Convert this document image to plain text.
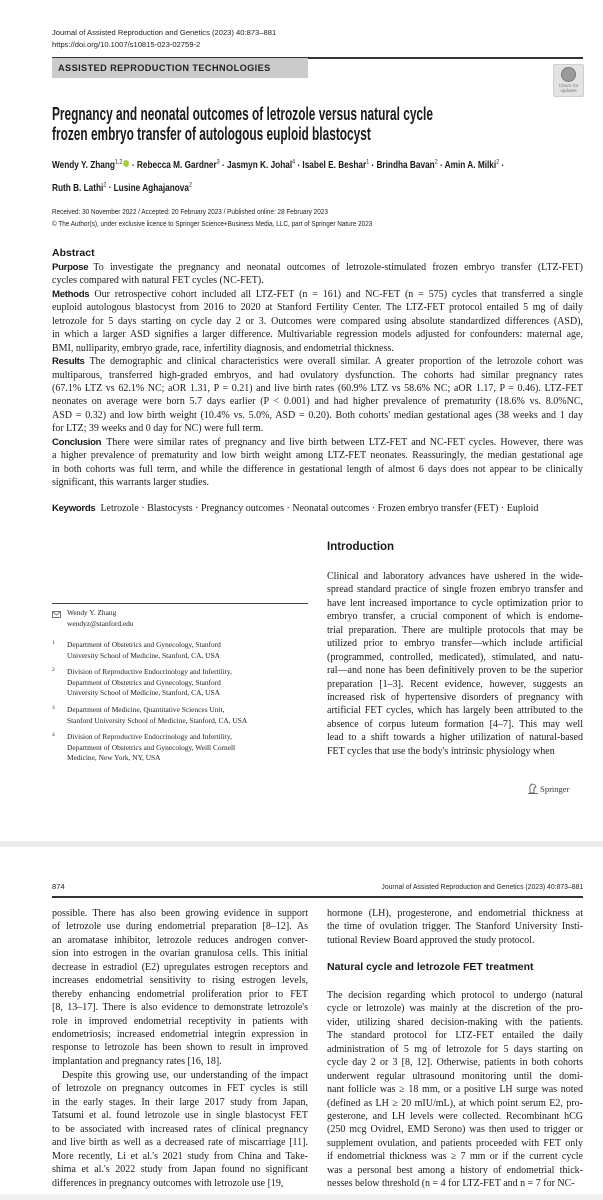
Journal of Assisted Reproduction and Genetics (2023) 40:873–881
https://doi.org/10.1007/s10815-023-02759-2
ASSISTED REPRODUCTION TECHNOLOGIES
Check for
updates
Pregnancy and neonatal outcomes of letrozole versus natural cycle
frozen embryo transfer of autologous euploid blastocyst
Wendy Y. Zhang$^{1,2}$ · Rebecca M. Gardner$^3$ · Jasmyn K. Johal$^4$ · Isabel E. Beshar$^1$ · Brindha Bavan$^2$ · Amin A. Milki$^2$ ·
Ruth B. Lathi$^2$ · Lusine Aghajanova$^2$
Received: 30 November 2022 / Accepted: 20 February 2023 / Published online: 28 February 2023
© The Author(s), under exclusive licence to Springer Science+Business Media, LLC, part of Springer Nature 2023
Abstract
Purpose To investigate the pregnancy and neonatal outcomes of letrozole-stimulated frozen embryo transfer (LTZ-FET)
cycles compared with natural FET cycles (NC-FET).
Methods Our retrospective cohort included all LTZ-FET (n = 161) and NC-FET (n = 575) cycles that transferred a single
euploid autologous blastocyst from 2016 to 2020 at Stanford Fertility Center. The LTZ-FET protocol entailed 5 mg of daily
letrozole for 5 days starting on cycle day 2 or 3. Outcomes were compared using absolute standardized differences (ASD),
in which a larger ASD signifies a larger difference. Multivariable regression models adjusted for confounders: maternal age,
BMI, nulliparity, embryo grade, race, infertility diagnosis, and endometrial thickness.
Results The demographic and clinical characteristics were overall similar. A greater proportion of the letrozole cohort was
multiparous, transferred high-graded embryos, and had ovulatory dysfunction. The cohorts had similar pregnancy rates
(67.1% LTZ vs 62.1% NC; aOR 1.31, P = 0.21) and live birth rates (60.9% LTZ vs 58.6% NC; aOR 1.17, P = 0.46). LTZ-FET
neonates on average were born 5.7 days earlier (P < 0.001) and had higher prevalence of prematurity (18.6% vs. 8.0%NC,
ASD = 0.32) and low birth weight (10.4% vs. 5.0%, ASD = 0.20). Both cohorts' median gestational ages (38 weeks and 1 day
for LTZ; 39 weeks and 0 day for NC) were full term.
Conclusion There were similar rates of pregnancy and live birth between LTZ-FET and NC-FET cycles. However, there was
a higher prevalence of prematurity and low birth weight among LTZ-FET neonates. Reassuringly, the median gestational age
in both cohorts was full term, and while the difference in gestational length of almost 6 days does not appear to be clinically
significant, this warrants larger studies.
Keywords Letrozole · Blastocysts · Pregnancy outcomes · Neonatal outcomes · Frozen embryo transfer (FET) · Euploid
Introduction
Clinical and laboratory advances have ushered in the wide-
spread standard practice of single frozen embryo transfer and
have lent increased importance to cycle optimization prior to
embryo transfer, a crucial component of which is endome-
trial preparation. There are multiple protocols that may be
utilized prior to embryo transfer—which include artificial
(programmed, controlled, medicated), stimulated, and natu-
ral—and none has been definitively proven to be the superior
preparation [1–3]. Recent evidence, however, suggests an
increased risk of hypertensive disorders of pregnancy with
artificial FET cycles, which has largely been attributed to the
absence of corpus luteum formation [4–7]. This may well
lead to a shift towards a higher utilization of natural-based
FET cycles that use the body's intrinsic physiology when
Wendy Y. Zhang
wendyz@stanford.edu
1 Department of Obstetrics and Gynecology, Stanford
University School of Medicine, Stanford, CA, USA
2 Division of Reproductive Endocrinology and Infertility,
Department of Obstetrics and Gynecology, Stanford
University School of Medicine, Stanford, CA, USA
3 Department of Medicine, Quantitative Sciences Unit,
Stanford University School of Medicine, Stanford, CA, USA
4 Division of Reproductive Endocrinology and Infertility,
Department of Obstetrics and Gynecology, Weill Cornell
Medicine, New York, NY, USA
Springer
874	Journal of Assisted Reproduction and Genetics (2023) 40:873–881
possible. There has also been growing evidence in support
of letrozole use during endometrial preparation [8–12]. As
an aromatase inhibitor, letrozole reduces androgen conver-
sion into estrogen in the ovarian granulosa cells. This initial
decrease in estradiol (E2) upregulates estrogen receptors and
increases endometrial sensitivity to rising estrogen levels,
thereby enhancing endometrial proliferation prior to FET
[8, 13–17]. There is also evidence to demonstrate letrozole's
role in improved endometrial receptivity in patients with
endometriosis; increased endometrial integrin expression in
response to letrozole has been shown to result in improved
implantation and pregnancy rates [16, 18].
Despite this growing use, our understanding of the impact
of letrozole on pregnancy outcomes in FET cycles is still
in the early stages. In their large 2017 study from Japan,
Tatsumi et al. found letrozole use in single blastocyst FET
to be associated with increased rates of clinical pregnancy
and live birth as well as a decreased rate of miscarriage [11].
More recently, Li et al.'s 2021 study from China and Take-
shima et al.'s 2022 study from Japan found no significant
differences in pregnancy outcomes with letrozole use [19,
hormone (LH), progesterone, and endometrial thickness at
the time of ovulation trigger. The Stanford University Insti-
tutional Review Board approved the study protocol.
Natural cycle and letrozole FET treatment
The decision regarding which protocol to undergo (natural
cycle or letrozole) was mainly at the discretion of the pro-
vider, utilizing shared decision-making with the patients.
The standard protocol for LTZ-FET entailed the daily
administration of 5 mg of letrozole for 5 days starting on
cycle day 2 or 3 [8, 12]. Otherwise, patients in both cohorts
underwent regular ultrasound monitoring until the domi-
nant follicle was ≥ 18 mm, or a positive LH surge was noted
(defined as LH ≥ 20 mIU/mL), at which point serum E2, pro-
gesterone, and LH levels were collected. Recombinant hCG
(250 mcg Ovidrel, EMD Serono) was then used to trigger or
supplement ovulation, and patients proceeded with FET only
if endometrial thickness was ≥ 7 mm or if the current cycle
was a personal best among a history of endometrial thick-
nesses below threshold (n = 4 for LTZ-FET and n = 7 for NC-
